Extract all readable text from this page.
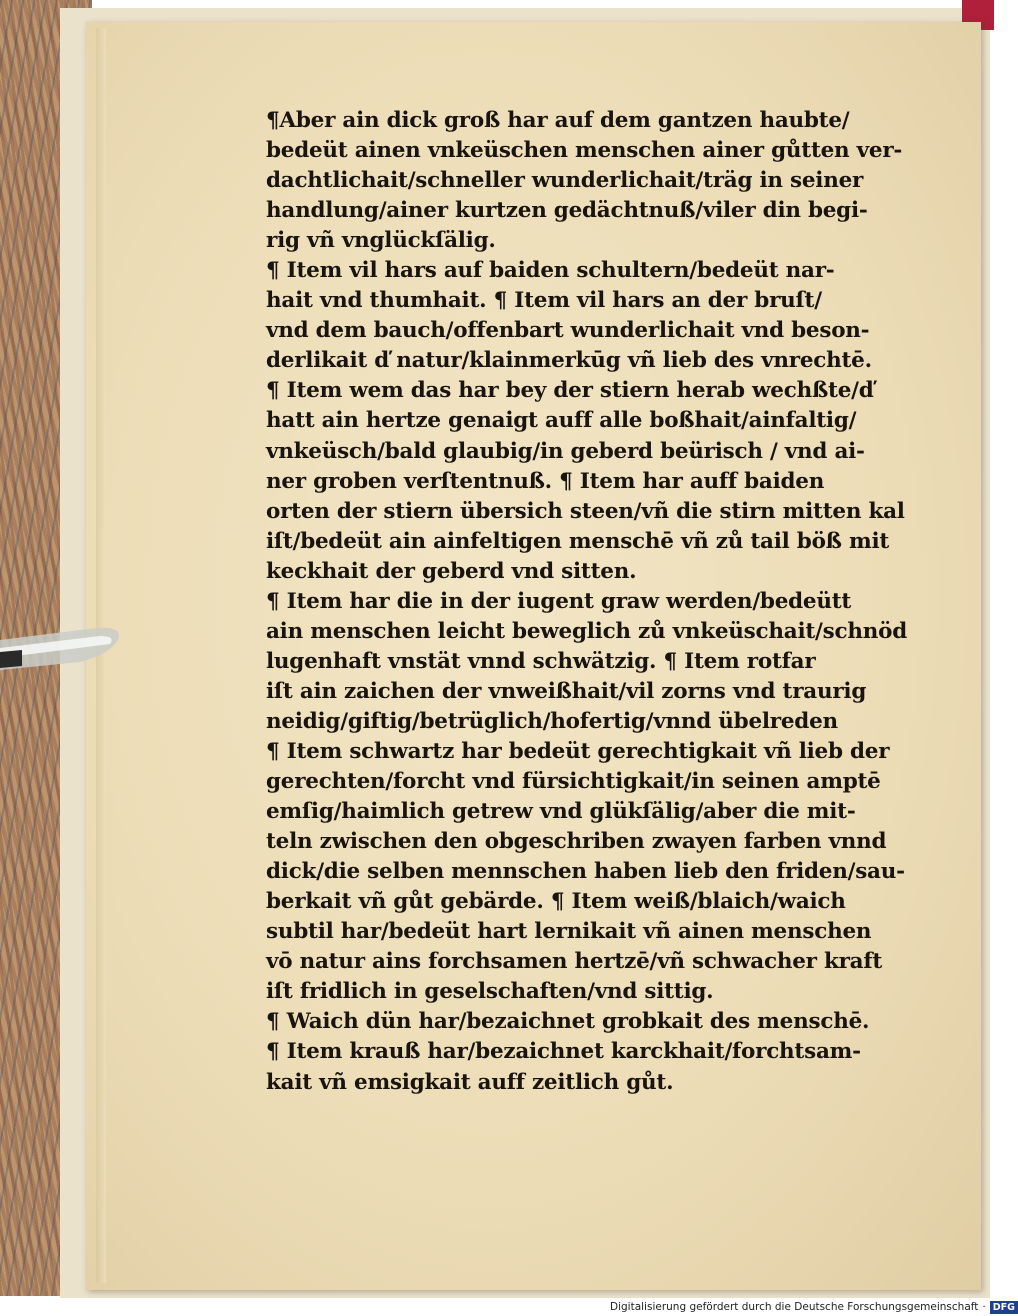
¶Aber ain dick groß har auf dem gantzen haubte/
bedeüt ainen vnkeüschen menschen ainer gůtten ver-
dachtlichait/schneller wunderlichait/träg in seiner
handlung/ainer kurtzen gedächtnuß/viler din begi-
rig vñ vnglückſälig.
¶ Item vil hars auf baiden schultern/bedeüt nar-
hait vnd thumhait. ¶ Item vil hars an der bruſt/
vnd dem bauch/offenbart wunderlichait vnd beson-
derlikait ď natur/klainmerkūg vñ lieb des vnrechtē.
¶ Item wem das har bey der stiern herab wechßte/ď
hatt ain hertze genaigt auff alle boßhait/ainfaltig/
vnkeüsch/bald glaubig/in geberd beürisch / vnd ai-
ner groben verſtentnuß. ¶ Item har auff baiden
orten der stiern übersich steen/vñ die stirn mitten kal
iſt/bedeüt ain ainfeltigen menschē vñ zů tail böß mit
keckhait der geberd vnd sitten.
¶ Item har die in der iugent graw werden/bedeütt
ain menschen leicht beweglich zů vnkeüschait/schnöd
lugenhaft vnstät vnnd schwätzig. ¶ Item rotfar
iſt ain zaichen der vnweißhait/vil zorns vnd traurig
neidig/giftig/betrüglich/hofertig/vnnd übelreden
¶ Item schwartz har bedeüt gerechtigkait vñ lieb der
gerechten/forcht vnd fürsichtigkait/in seinen amptē
emſig/haimlich getrew vnd glükſälig/aber die mit-
teln zwischen den obgeschriben zwayen farben vnnd
dick/die selben mennschen haben lieb den friden/sau-
berkait vñ gůt gebärde. ¶ Item weiß/blaich/waich
subtil har/bedeüt hart lernikait vñ ainen menschen
vō natur ains forchsamen hertzē/vñ schwacher kraft
iſt fridlich in geselschaften/vnd sittig.
¶ Waich dün har/bezaichnet grobkait des menschē.
¶ Item krauß har/bezaichnet karckhait/forchtsam-
kait vñ emsigkait auff zeitlich gůt.
Digitalisierung gefördert durch die Deutsche Forschungsgemeinschaft · DFG
